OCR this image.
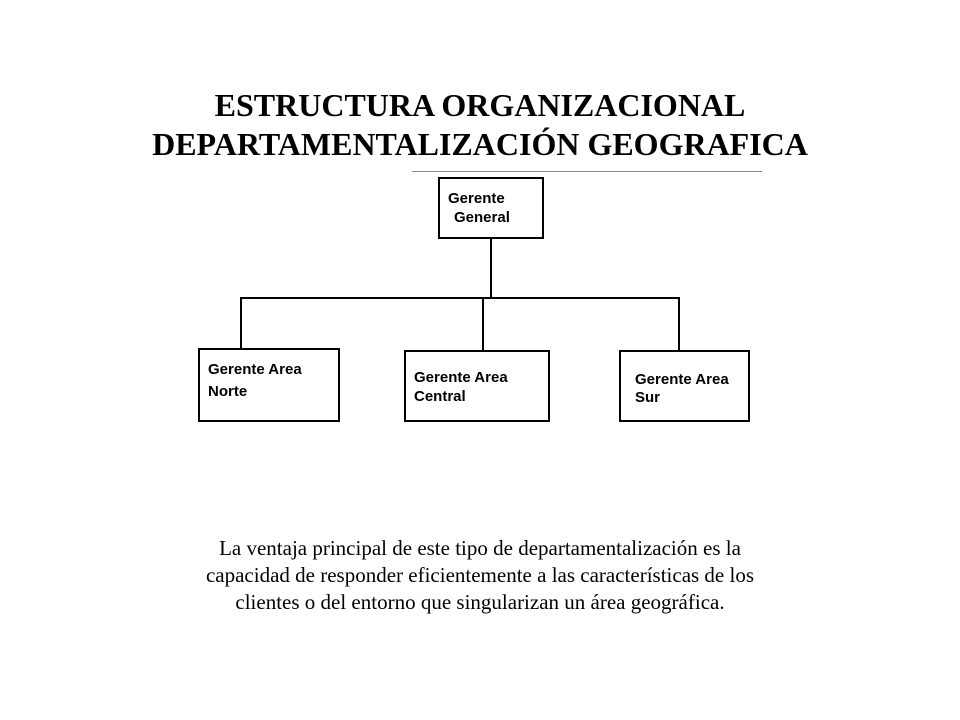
ESTRUCTURA ORGANIZACIONAL
DEPARTAMENTALIZACIÓN GEOGRAFICA
Gerente
General
Gerente Area
Norte
Gerente Area
Central
Gerente Area
Sur
La ventaja principal de este tipo de departamentalización es la
capacidad de responder eficientemente a las características de los
clientes o del entorno que singularizan un área geográfica.
